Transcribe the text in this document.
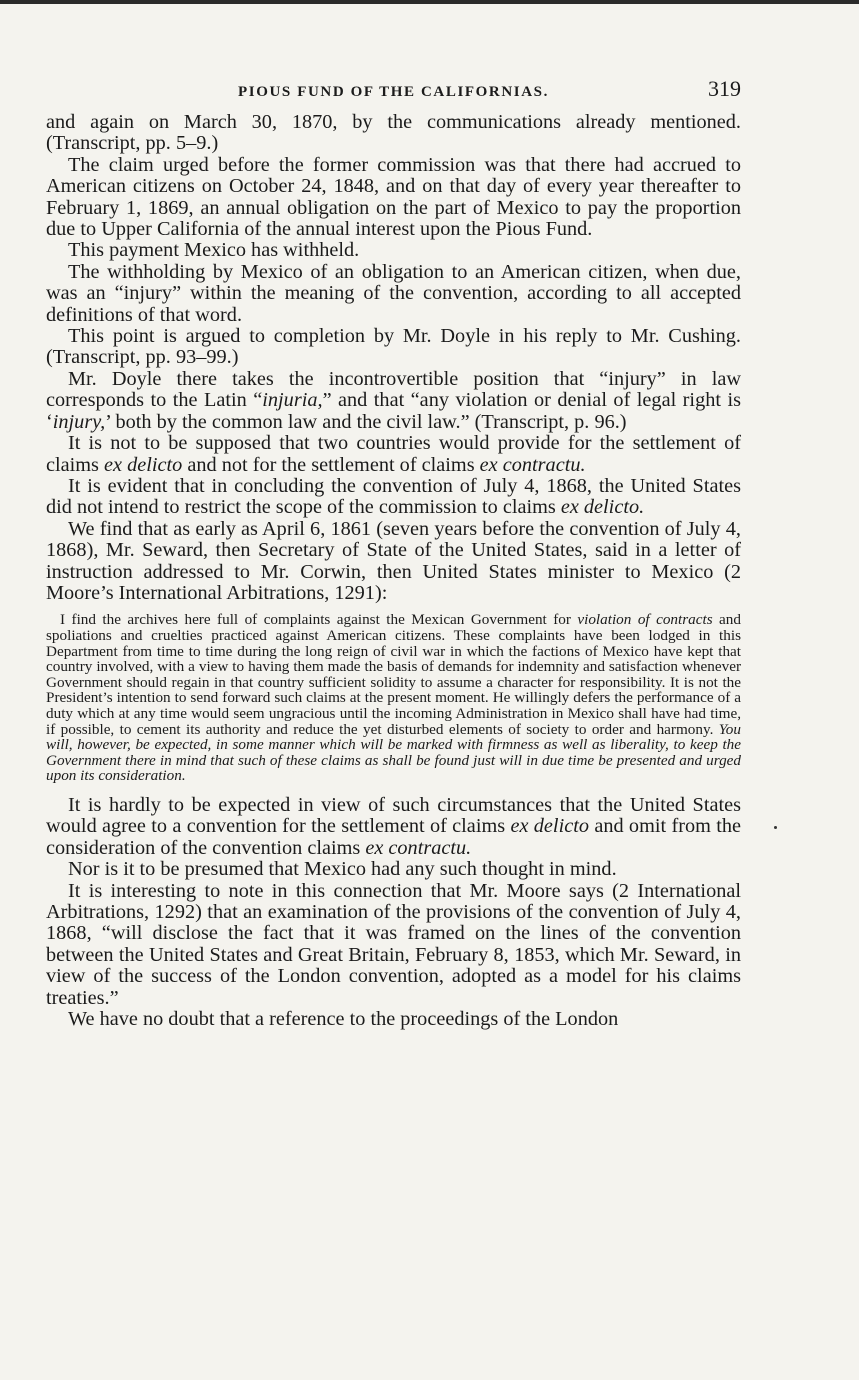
PIOUS FUND OF THE CALIFORNIAS.	319

and again on March 30, 1870, by the communications already mentioned. (Transcript, pp. 5–9.)

The claim urged before the former commission was that there had accrued to American citizens on October 24, 1848, and on that day of every year thereafter to February 1, 1869, an annual obligation on the part of Mexico to pay the proportion due to Upper California of the annual interest upon the Pious Fund.

This payment Mexico has withheld.

The withholding by Mexico of an obligation to an American citizen, when due, was an “injury” within the meaning of the convention, according to all accepted definitions of that word.

This point is argued to completion by Mr. Doyle in his reply to Mr. Cushing. (Transcript, pp. 93–99.)

Mr. Doyle there takes the incontrovertible position that “injury” in law corresponds to the Latin “injuria,” and that “any violation or denial of legal right is ‘injury,’ both by the common law and the civil law.” (Transcript, p. 96.)

It is not to be supposed that two countries would provide for the settlement of claims ex delicto and not for the settlement of claims ex contractu.

It is evident that in concluding the convention of July 4, 1868, the United States did not intend to restrict the scope of the commission to claims ex delicto.

We find that as early as April 6, 1861 (seven years before the convention of July 4, 1868), Mr. Seward, then Secretary of State of the United States, said in a letter of instruction addressed to Mr. Corwin, then United States minister to Mexico (2 Moore’s International Arbitrations, 1291):

I find the archives here full of complaints against the Mexican Government for violation of contracts and spoliations and cruelties practiced against American citizens. These complaints have been lodged in this Department from time to time during the long reign of civil war in which the factions of Mexico have kept that country involved, with a view to having them made the basis of demands for indemnity and satisfaction whenever Government should regain in that country sufficient solidity to assume a character for responsibility. It is not the President’s intention to send forward such claims at the present moment. He willingly defers the performance of a duty which at any time would seem ungracious until the incoming Administration in Mexico shall have had time, if possible, to cement its authority and reduce the yet disturbed elements of society to order and harmony. You will, however, be expected, in some manner which will be marked with firmness as well as liberality, to keep the Government there in mind that such of these claims as shall be found just will in due time be presented and urged upon its consideration.

It is hardly to be expected in view of such circumstances that the United States would agree to a convention for the settlement of claims ex delicto and omit from the consideration of the convention claims ex contractu.

Nor is it to be presumed that Mexico had any such thought in mind.

It is interesting to note in this connection that Mr. Moore says (2 International Arbitrations, 1292) that an examination of the provisions of the convention of July 4, 1868, “will disclose the fact that it was framed on the lines of the convention between the United States and Great Britain, February 8, 1853, which Mr. Seward, in view of the success of the London convention, adopted as a model for his claims treaties.”

We have no doubt that a reference to the proceedings of the London
